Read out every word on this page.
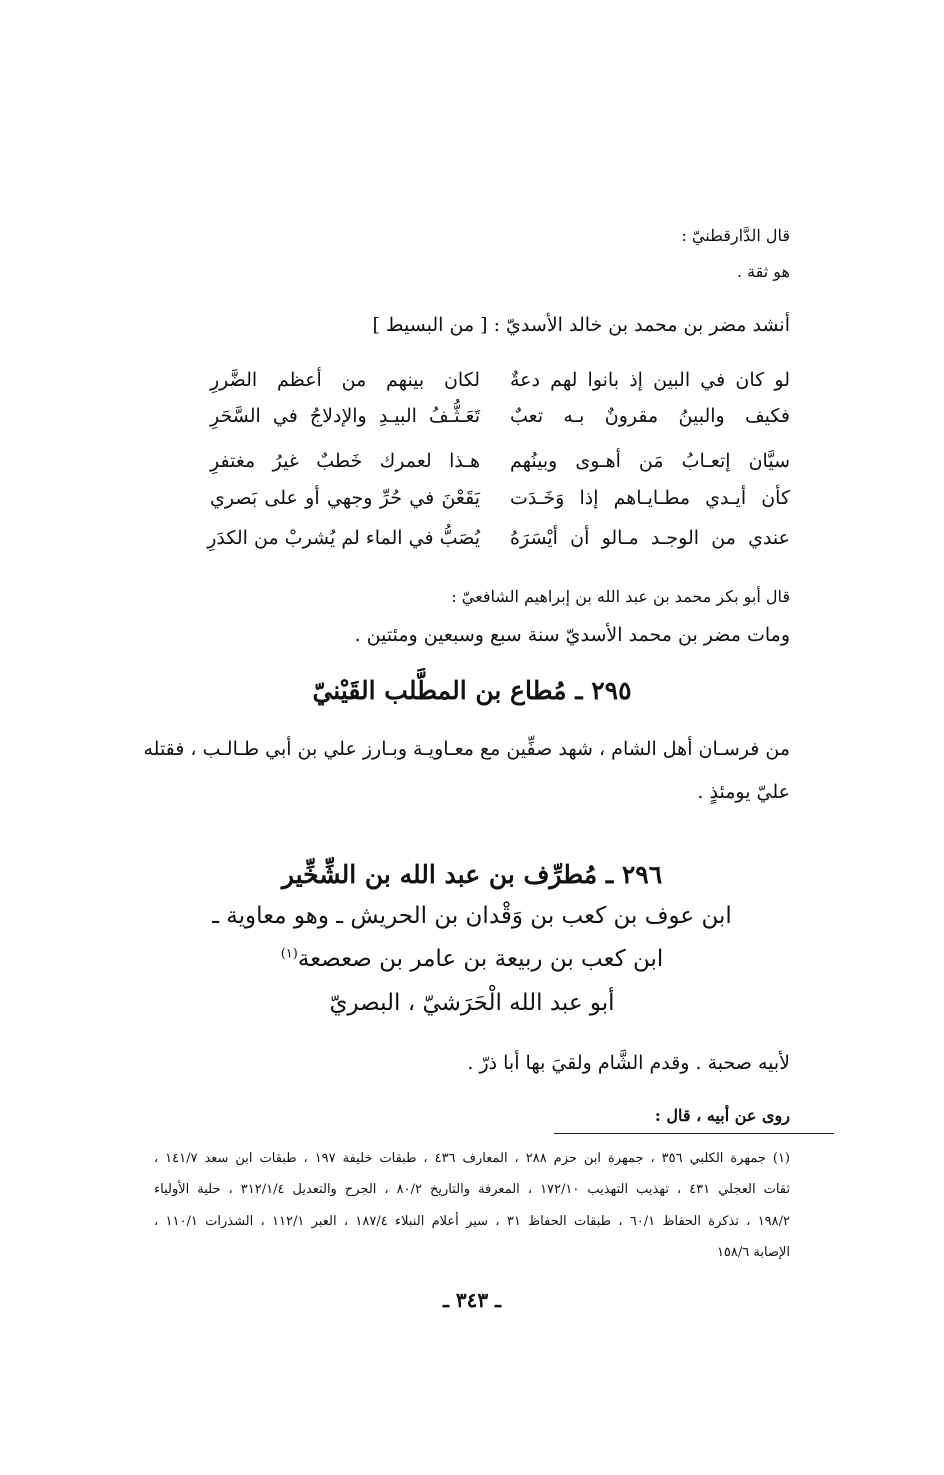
قال الدَّارقطنيّ :
هو ثقة .
أنشد مضر بن محمد بن خالد الأسديّ : [ من البسيط ]
لو كان في البين إذ بانوا لهم دعةٌ
لكان بينهم من أعظم الضَّررِ
فكيف والبينُ مقرونٌ بـه تعبٌ
تَعَـثُّـفُ البيـدِ والإدلاجُ في السَّحَرِ
سيَّان إتعـابُ مَن أهـوى وبينُهم
هـذا لعمرك خَطبٌ غيرُ مغتفرِ
كأن أيـدي مطـايـاهم إذا وَخَـدَت
يَقَعْنَ في حُرِّ وجهي أو على بَصري
عندي من الوجـد مـالو أن أيْسَرَهُ
يُصَبُّ في الماء لم يُشربْ من الكدَرِ
قال أبو بكر محمد بن عبد الله بن إبراهيم الشافعيّ :
ومات مضر بن محمد الأسديّ سنة سبع وسبعين ومئتين .
٢٩٥ ـ مُطاع بن المطَّلب القَيْنيّ
من فرسـان أهل الشام ، شهد صفِّين مع معـاويـة وبـارز علي بن أبي طـالـب ، فقتله
عليّ يومئذٍ .
٢٩٦ ـ مُطرِّف بن عبد الله بن الشِّخِّير
ابن عوف بن كعب بن وَقْدان بن الحريش ـ وهو معاوية ـ
ابن كعب بن ربيعة بن عامر بن صعصعة$^{(١)}$
أبو عبد الله الْحَرَشيّ ، البصريّ
لأبيه صحبة . وقدم الشَّام ولقيَ بها أبا ذرّ .
روى عن أبيه ، قال :
(١) جمهرة الكلبي ٣٥٦ ، جمهرة ابن حزم ٢٨٨ ، المعارف ٤٣٦ ، طبقات خليفة ١٩٧ ، طبقات ابن سعد ١٤١/٧ ،
ثقات العجلي ٤٣١ ، تهذيب التهذيب ١٧٢/١٠ ، المعرفة والتاريخ ٨٠/٢ ، الجرح والتعديل ٣١٢/١/٤ ، حلية الأولياء
١٩٨/٢ ، تذكرة الحفاظ ٦٠/١ ، طبقات الحفاظ ٣١ ، سير أعلام النبلاء ١٨٧/٤ ، العبر ١١٢/١ ، الشذرات ١١٠/١ ،
الإصابة ١٥٨/٦
ـ ٣٤٣ ـ
